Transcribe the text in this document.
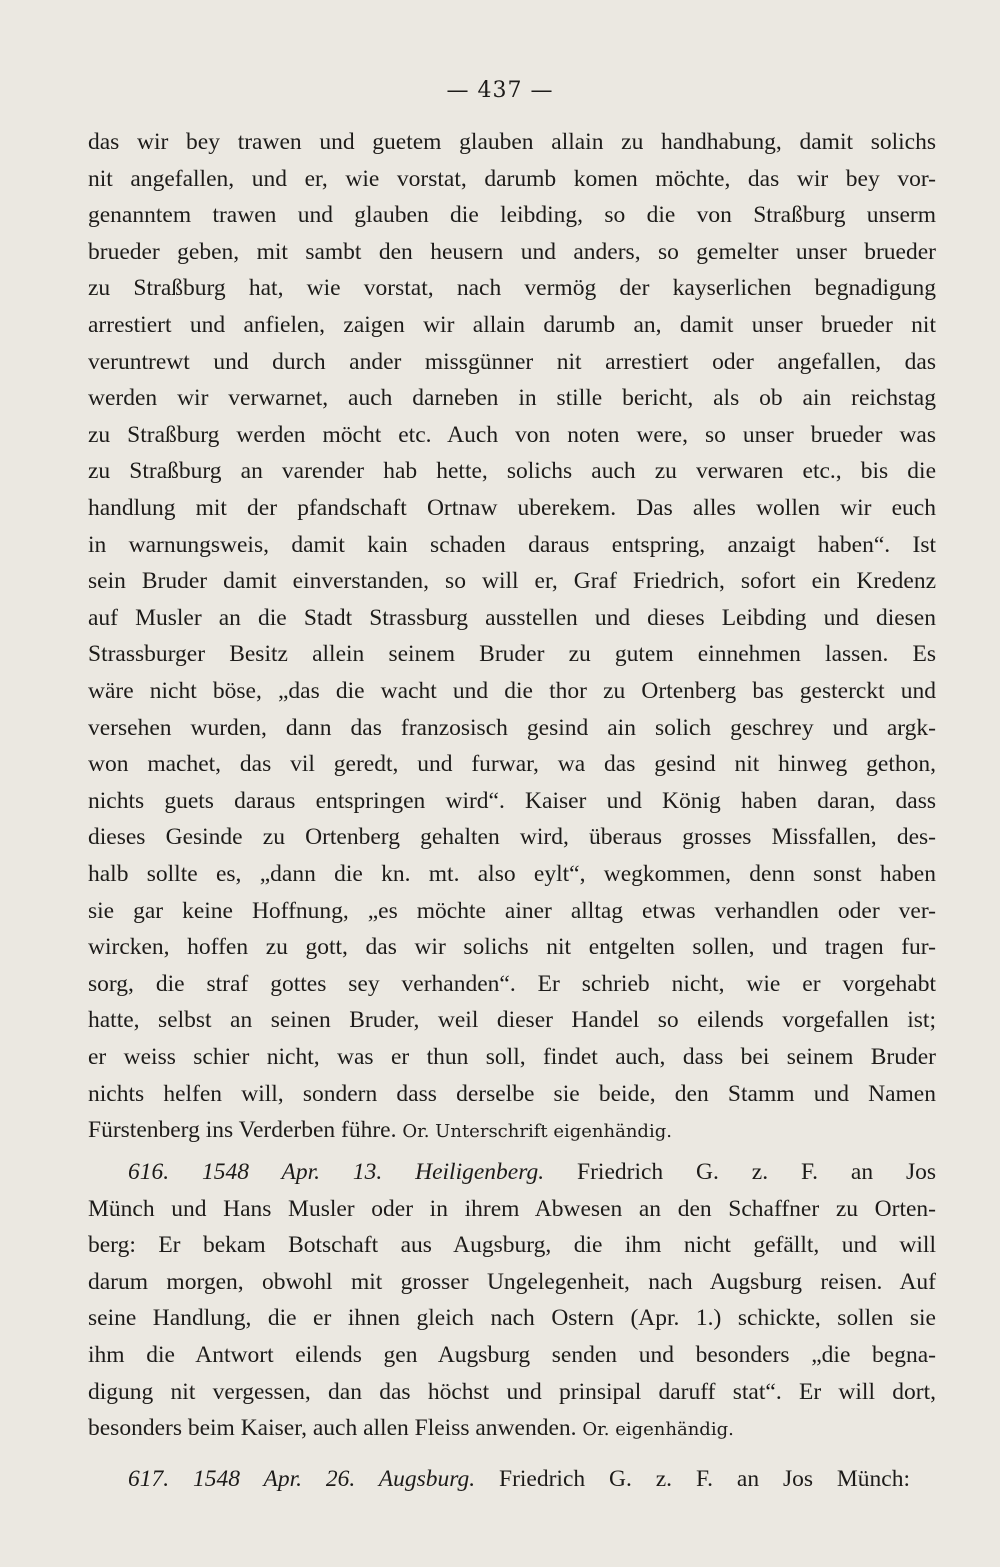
— 437 —
das wir bey trawen und guetem glauben allain zu handhabung, damit solichs
nit angefallen, und er, wie vorstat, darumb komen möchte, das wir bey vor-
genanntem trawen und glauben die leibding, so die von Straßburg unserm
brueder geben, mit sambt den heusern und anders, so gemelter unser brueder
zu Straßburg hat, wie vorstat, nach vermög der kayserlichen begnadigung
arrestiert und anfielen, zaigen wir allain darumb an, damit unser brueder nit
veruntrewt und durch ander missgünner nit arrestiert oder angefallen, das
werden wir verwarnet, auch darneben in stille bericht, als ob ain reichstag
zu Straßburg werden möcht etc. Auch von noten were, so unser brueder was
zu Straßburg an varender hab hette, solichs auch zu verwaren etc., bis die
handlung mit der pfandschaft Ortnaw uberekem. Das alles wollen wir euch
in warnungsweis, damit kain schaden daraus entspring, anzaigt haben“. Ist
sein Bruder damit einverstanden, so will er, Graf Friedrich, sofort ein Kredenz
auf Musler an die Stadt Strassburg ausstellen und dieses Leibding und diesen
Strassburger Besitz allein seinem Bruder zu gutem einnehmen lassen. Es
wäre nicht böse, „das die wacht und die thor zu Ortenberg bas gesterckt und
versehen wurden, dann das franzosisch gesind ain solich geschrey und argk-
won machet, das vil geredt, und furwar, wa das gesind nit hinweg gethon,
nichts guets daraus entspringen wird“. Kaiser und König haben daran, dass
dieses Gesinde zu Ortenberg gehalten wird, überaus grosses Missfallen, des-
halb sollte es, „dann die kn. mt. also eylt“, wegkommen, denn sonst haben
sie gar keine Hoffnung, „es möchte ainer alltag etwas verhandlen oder ver-
wircken, hoffen zu gott, das wir solichs nit entgelten sollen, und tragen fur-
sorg, die straf gottes sey verhanden“. Er schrieb nicht, wie er vorgehabt
hatte, selbst an seinen Bruder, weil dieser Handel so eilends vorgefallen ist;
er weiss schier nicht, was er thun soll, findet auch, dass bei seinem Bruder
nichts helfen will, sondern dass derselbe sie beide, den Stamm und Namen
Fürstenberg ins Verderben führe. Or. Unterschrift eigenhändig.
616. 1548 Apr. 13. Heiligenberg. Friedrich G. z. F. an Jos
Münch und Hans Musler oder in ihrem Abwesen an den Schaffner zu Orten-
berg: Er bekam Botschaft aus Augsburg, die ihm nicht gefällt, und will
darum morgen, obwohl mit grosser Ungelegenheit, nach Augsburg reisen. Auf
seine Handlung, die er ihnen gleich nach Ostern (Apr. 1.) schickte, sollen sie
ihm die Antwort eilends gen Augsburg senden und besonders „die begna-
digung nit vergessen, dan das höchst und prinsipal daruff stat“. Er will dort,
besonders beim Kaiser, auch allen Fleiss anwenden. Or. eigenhändig.
617. 1548 Apr. 26. Augsburg. Friedrich G. z. F. an Jos Münch:
